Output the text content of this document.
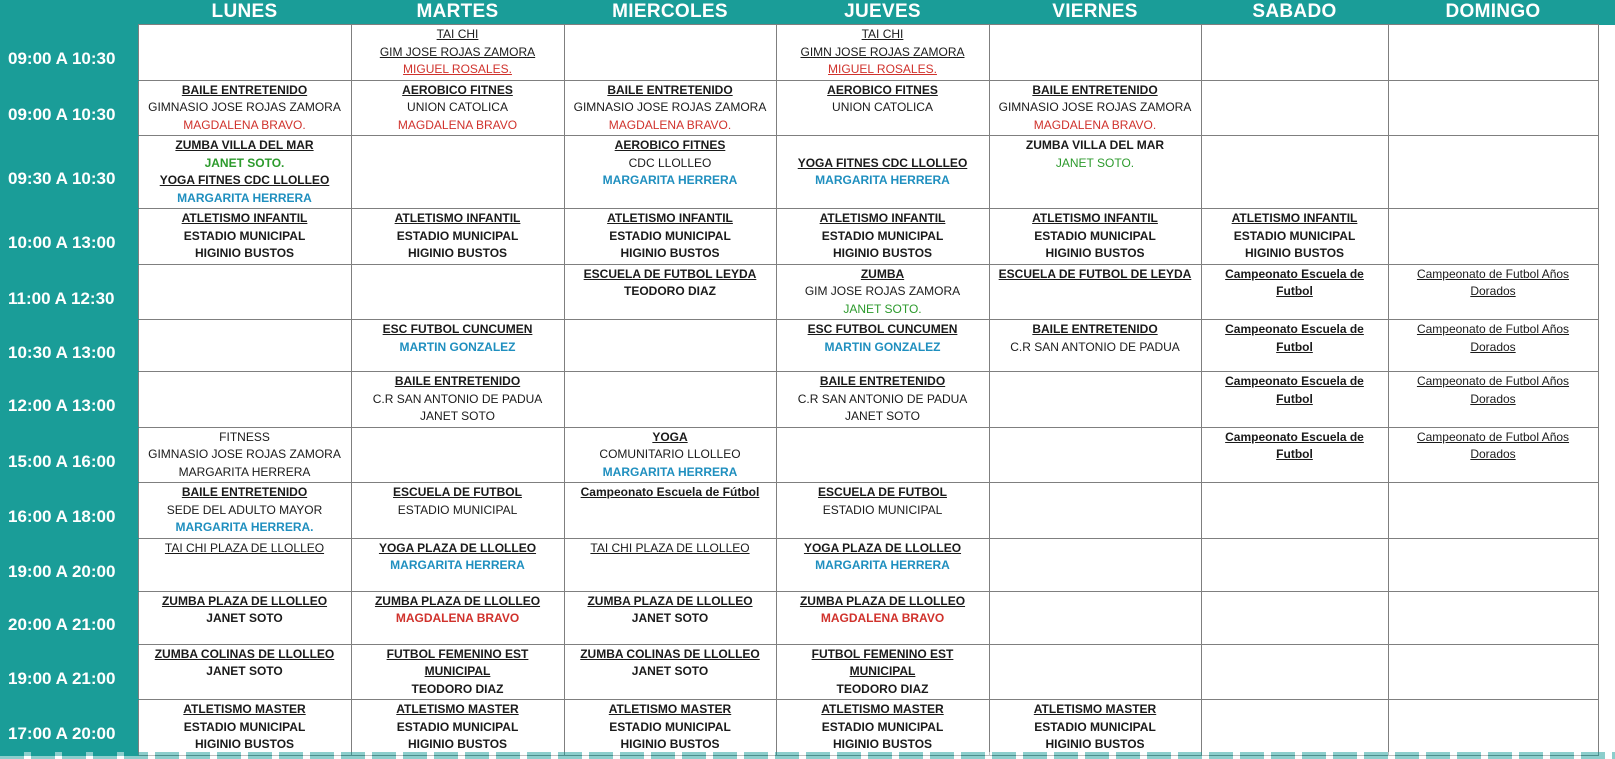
	LUNES	MARTES	MIERCOLES	JUEVES	VIERNES	SABADO	DOMINGO	
09:00 A 10:30		TAI CHI
GIM JOSE ROJAS ZAMORA
MIGUEL ROSALES.		TAI CHI
GIMN JOSE ROJAS ZAMORA
MIGUEL ROSALES.				

09:00 A 10:30	BAILE ENTRETENIDO
GIMNASIO JOSE ROJAS ZAMORA
MAGDALENA BRAVO.	AEROBICO FITNES
UNION CATOLICA
MAGDALENA BRAVO	BAILE ENTRETENIDO
GIMNASIO JOSE ROJAS ZAMORA
MAGDALENA BRAVO.	AEROBICO FITNES
UNION CATOLICA	BAILE ENTRETENIDO
GIMNASIO JOSE ROJAS ZAMORA
MAGDALENA BRAVO.			

09:30 A 10:30	ZUMBA VILLA DEL MAR
JANET SOTO.
YOGA FITNES CDC LLOLLEO
MARGARITA HERRERA		AEROBICO FITNES
CDC LLOLLEO
MARGARITA HERRERA	YOGA FITNES CDC LLOLLEO
MARGARITA HERRERA	ZUMBA VILLA DEL MAR
JANET SOTO.			

10:00 A 13:00	ATLETISMO INFANTIL
ESTADIO MUNICIPAL
HIGINIO BUSTOS	ATLETISMO INFANTIL
ESTADIO MUNICIPAL
HIGINIO BUSTOS	ATLETISMO INFANTIL
ESTADIO MUNICIPAL
HIGINIO BUSTOS	ATLETISMO INFANTIL
ESTADIO MUNICIPAL
HIGINIO BUSTOS	ATLETISMO INFANTIL
ESTADIO MUNICIPAL
HIGINIO BUSTOS	ATLETISMO INFANTIL
ESTADIO MUNICIPAL
HIGINIO BUSTOS		

11:00 A 12:30			ESCUELA DE FUTBOL LEYDA
TEODORO DIAZ	ZUMBA
GIM JOSE ROJAS ZAMORA
JANET SOTO.	ESCUELA DE FUTBOL DE LEYDA	Campeonato Escuela de
Futbol	Campeonato de Futbol Años
Dorados	

10:30 A 13:00		ESC FUTBOL CUNCUMEN
MARTIN GONZALEZ		ESC FUTBOL CUNCUMEN
MARTIN GONZALEZ	BAILE ENTRETENIDO
C.R SAN ANTONIO DE PADUA	Campeonato Escuela de
Futbol	Campeonato de Futbol Años
Dorados	

12:00 A 13:00		BAILE ENTRETENIDO
C.R SAN ANTONIO DE PADUA
JANET SOTO		BAILE ENTRETENIDO
C.R SAN ANTONIO DE PADUA
JANET SOTO		Campeonato Escuela de
Futbol	Campeonato de Futbol Años
Dorados	

15:00 A 16:00	FITNESS
GIMNASIO JOSE ROJAS ZAMORA
MARGARITA HERRERA		YOGA
COMUNITARIO LLOLLEO
MARGARITA HERRERA			Campeonato Escuela de
Futbol	Campeonato de Futbol Años
Dorados	

16:00 A 18:00	BAILE ENTRETENIDO
SEDE DEL ADULTO MAYOR
MARGARITA HERRERA.	ESCUELA DE FUTBOL
ESTADIO MUNICIPAL	Campeonato Escuela de Fútbol	ESCUELA DE FUTBOL
ESTADIO MUNICIPAL				

19:00 A 20:00	TAI CHI PLAZA DE LLOLLEO	YOGA PLAZA DE LLOLLEO
MARGARITA HERRERA	TAI CHI PLAZA DE LLOLLEO	YOGA PLAZA DE LLOLLEO
MARGARITA HERRERA				

20:00 A 21:00	ZUMBA PLAZA DE LLOLLEO
JANET SOTO	ZUMBA PLAZA DE LLOLLEO
MAGDALENA BRAVO	ZUMBA PLAZA DE LLOLLEO
JANET SOTO	ZUMBA PLAZA DE LLOLLEO
MAGDALENA BRAVO				

19:00 A 21:00	ZUMBA COLINAS DE LLOLLEO
JANET SOTO	FUTBOL FEMENINO EST
MUNICIPAL
TEODORO DIAZ	ZUMBA COLINAS DE LLOLLEO
JANET SOTO	FUTBOL FEMENINO EST
MUNICIPAL
TEODORO DIAZ				

17:00 A 20:00	ATLETISMO MASTER
ESTADIO MUNICIPAL
HIGINIO BUSTOS	ATLETISMO MASTER
ESTADIO MUNICIPAL
HIGINIO BUSTOS	ATLETISMO MASTER
ESTADIO MUNICIPAL
HIGINIO BUSTOS	ATLETISMO MASTER
ESTADIO MUNICIPAL
HIGINIO BUSTOS	ATLETISMO MASTER
ESTADIO MUNICIPAL
HIGINIO BUSTOS			
